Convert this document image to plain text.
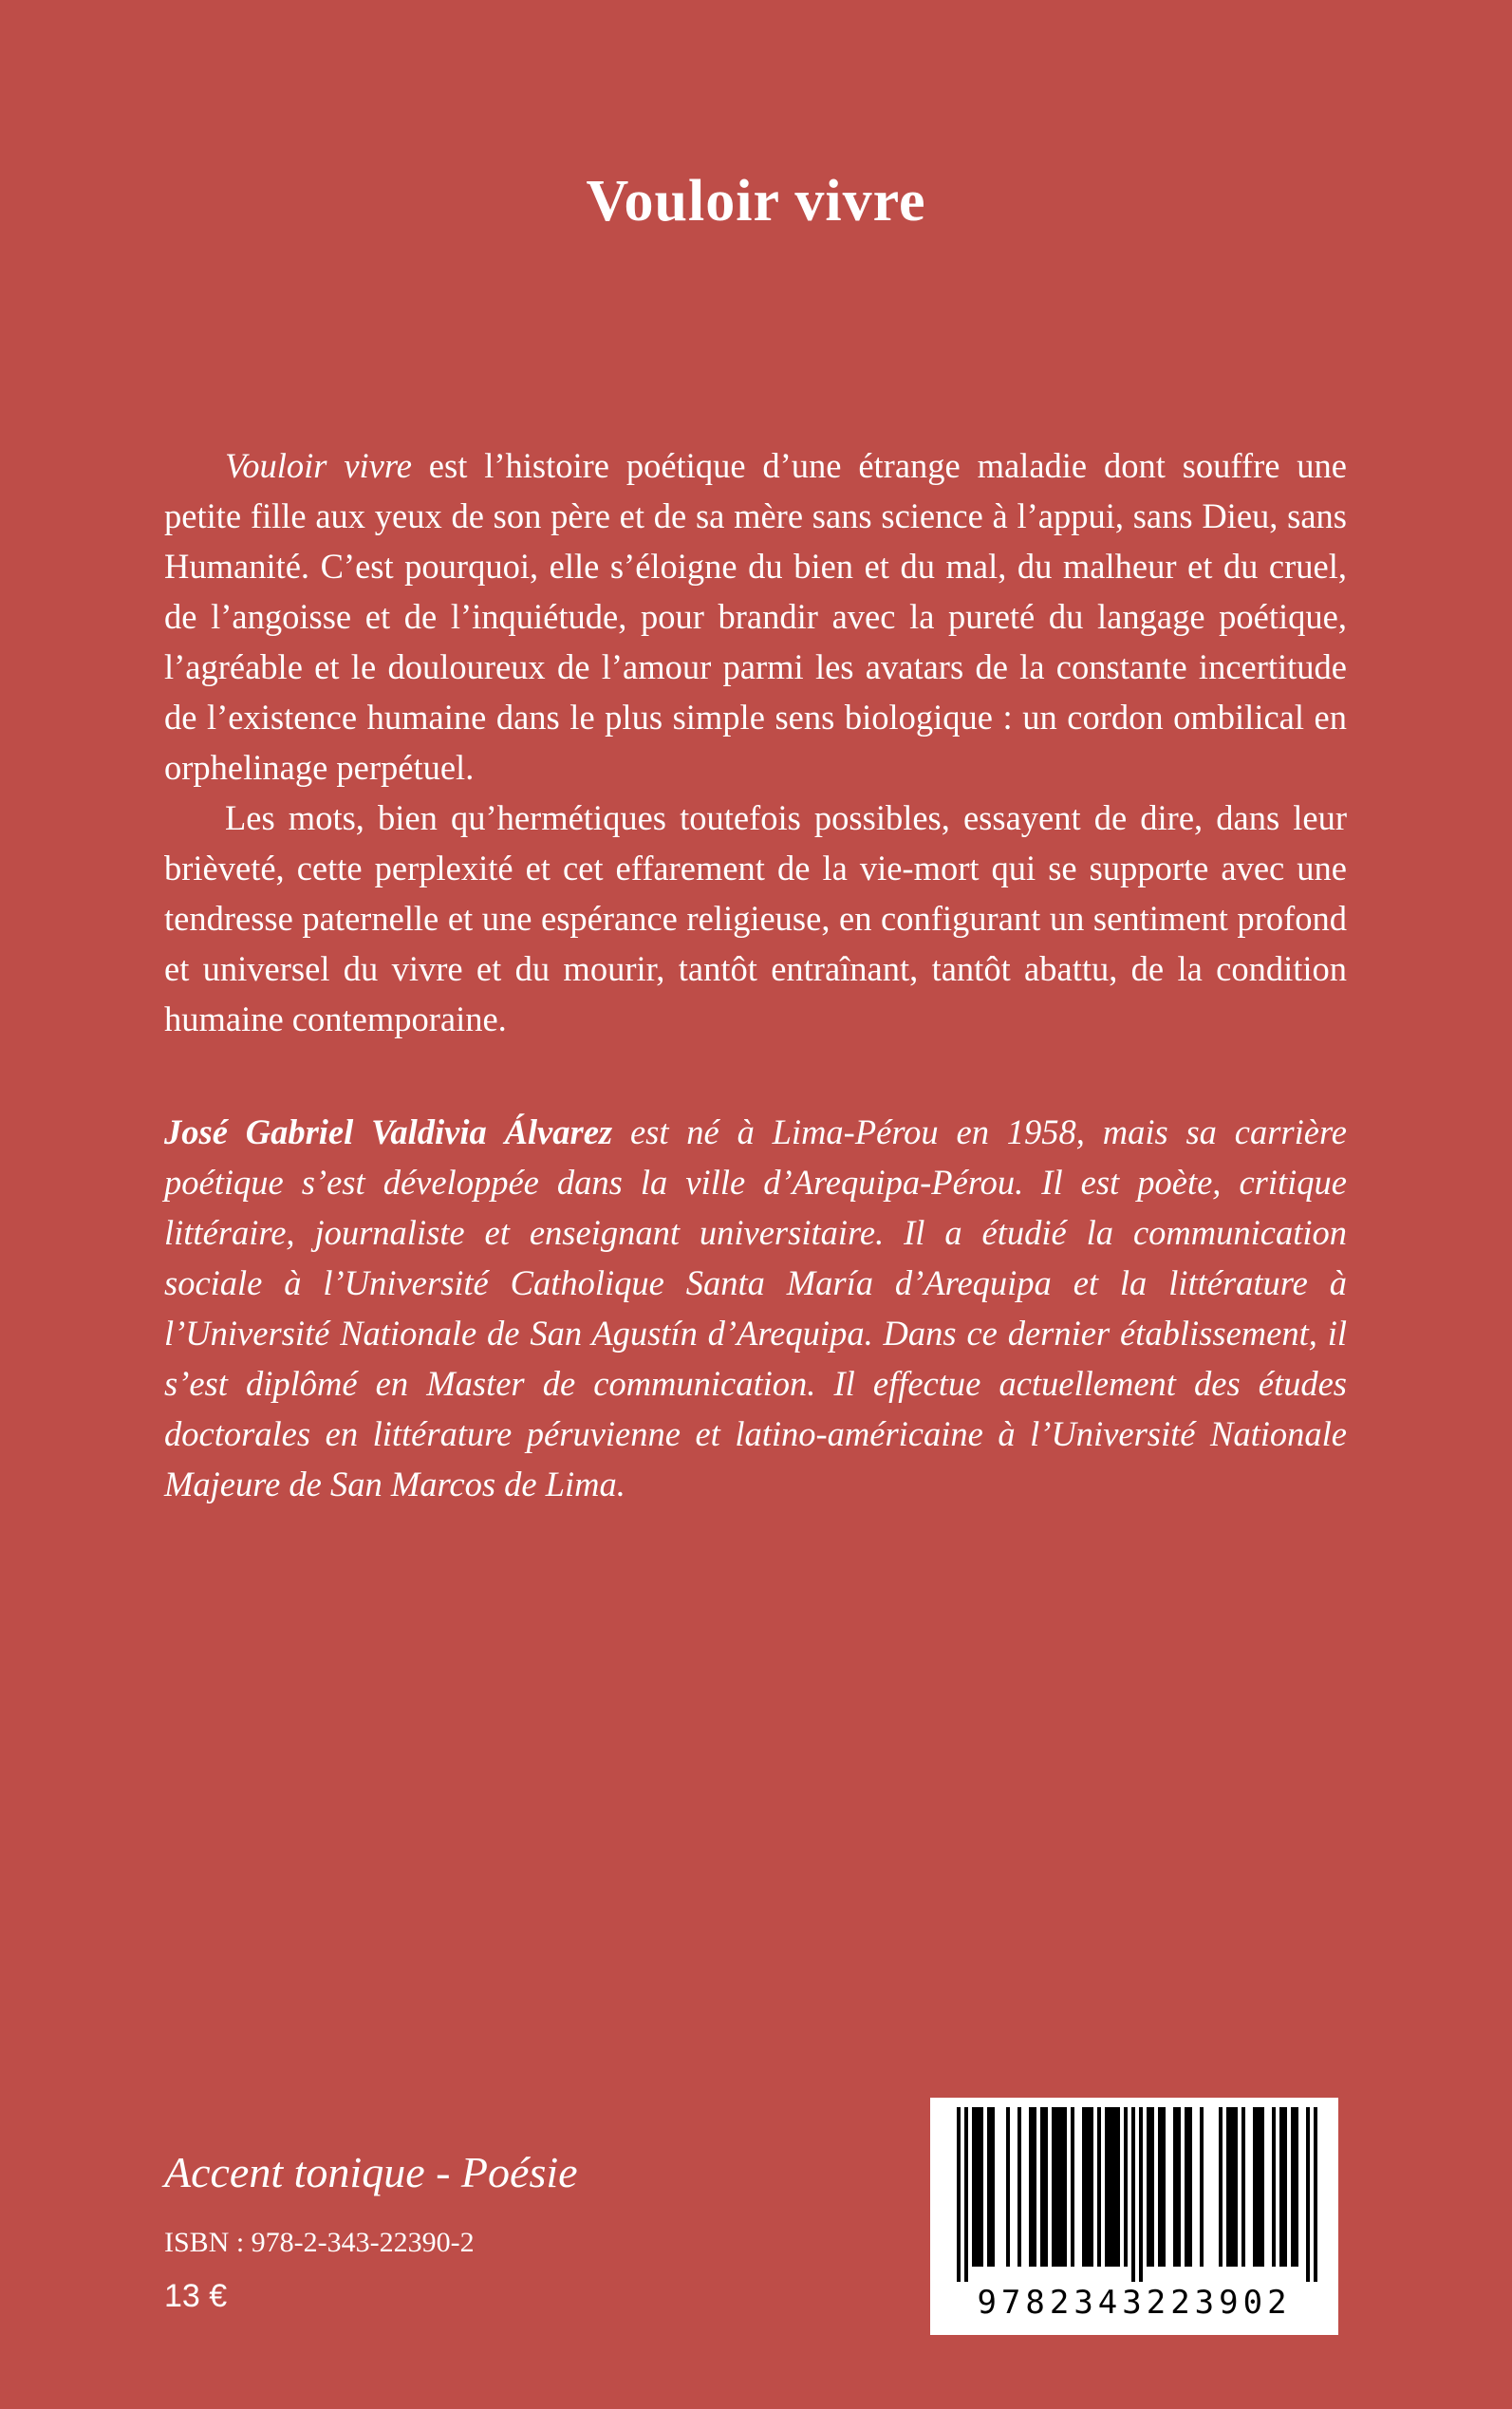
Vouloir vivre

Vouloir vivre est l’histoire poétique d’une étrange maladie dont souffre une petite fille aux yeux de son père et de sa mère sans science à l’appui, sans Dieu, sans Humanité. C’est pourquoi, elle s’éloigne du bien et du mal, du malheur et du cruel, de l’angoisse et de l’inquiétude, pour brandir avec la pureté du langage poétique, l’agréable et le douloureux de l’amour parmi les avatars de la constante incertitude de l’existence humaine dans le plus simple sens biologique : un cordon ombilical en orphelinage perpétuel.

Les mots, bien qu’hermétiques toutefois possibles, essayent de dire, dans leur brièveté, cette perplexité et cet effarement de la vie-mort qui se supporte avec une tendresse paternelle et une espérance religieuse, en configurant un sentiment profond et universel du vivre et du mourir, tantôt entraînant, tantôt abattu, de la condition humaine contemporaine.

José Gabriel Valdivia Álvarez est né à Lima-Pérou en 1958, mais sa carrière poétique s’est développée dans la ville d’Arequipa-Pérou. Il est poète, critique littéraire, journaliste et enseignant universitaire. Il a étudié la communication sociale à l’Université Catholique Santa María d’Arequipa et la littérature à l’Université Nationale de San Agustín d’Arequipa. Dans ce dernier établissement, il s’est diplômé en Master de communication. Il effectue actuellement des études doctorales en littérature péruvienne et latino-américaine à l’Université Nationale Majeure de San Marcos de Lima.

Accent tonique - Poésie

ISBN : 978-2-343-22390-2

13 €	9782343223902
